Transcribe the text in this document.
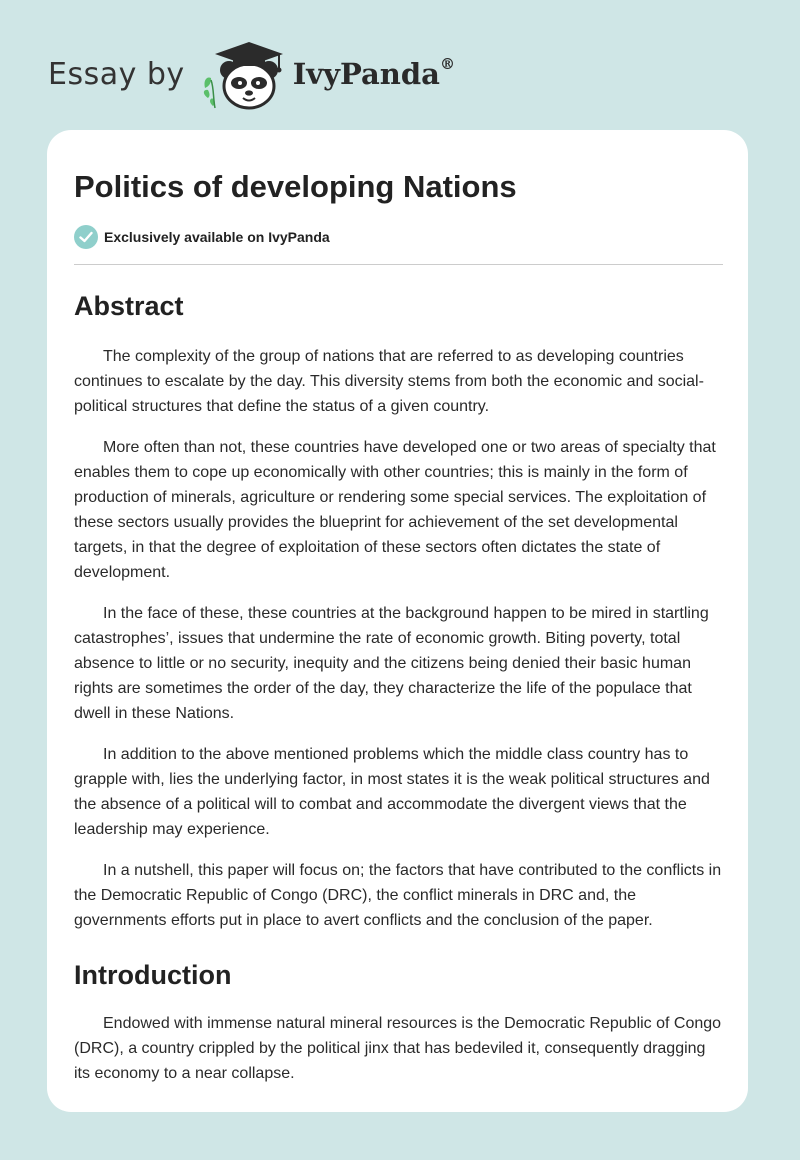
Essay by	IvyPanda®
Politics of developing Nations
Exclusively available on IvyPanda
Abstract

The complexity of the group of nations that are referred to as developing countries continues to escalate by the day. This diversity stems from both the economic and social-political structures that define the status of a given country.

More often than not, these countries have developed one or two areas of specialty that enables them to cope up economically with other countries; this is mainly in the form of production of minerals, agriculture or rendering some special services. The exploitation of these sectors usually provides the blueprint for achievement of the set developmental targets, in that the degree of exploitation of these sectors often dictates the state of development.

In the face of these, these countries at the background happen to be mired in startling catastrophes’, issues that undermine the rate of economic growth. Biting poverty, total absence to little or no security, inequity and the citizens being denied their basic human rights are sometimes the order of the day, they characterize the life of the populace that dwell in these Nations.

In addition to the above mentioned problems which the middle class country has to grapple with, lies the underlying factor, in most states it is the weak political structures and the absence of a political will to combat and accommodate the divergent views that the leadership may experience.

In a nutshell, this paper will focus on; the factors that have contributed to the conflicts in the Democratic Republic of Congo (DRC), the conflict minerals in DRC and, the governments efforts put in place to avert conflicts and the conclusion of the paper.

Introduction

Endowed with immense natural mineral resources is the Democratic Republic of Congo (DRC), a country crippled by the political jinx that has bedeviled it, consequently dragging its economy to a near collapse.
